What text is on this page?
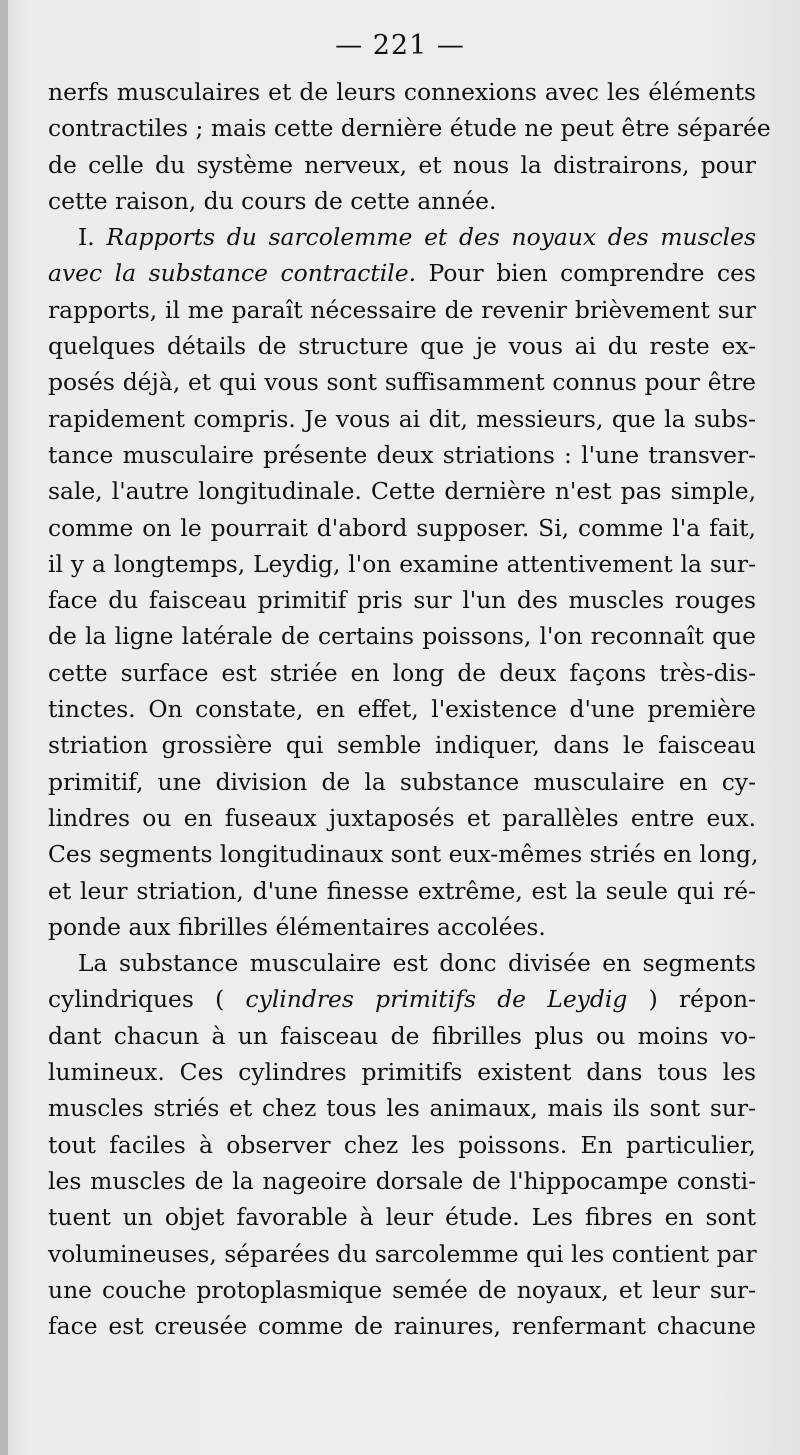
— 221 —
nerfs musculaires et de leurs connexions avec les éléments
contractiles ; mais cette dernière étude ne peut être séparée
de celle du système nerveux, et nous la distrairons, pour
cette raison, du cours de cette année.
I. Rapports du sarcolemme et des noyaux des muscles
avec la substance contractile. Pour bien comprendre ces
rapports, il me paraît nécessaire de revenir brièvement sur
quelques détails de structure que je vous ai du reste ex-
posés déjà, et qui vous sont suffisamment connus pour être
rapidement compris. Je vous ai dit, messieurs, que la subs-
tance musculaire présente deux striations : l'une transver-
sale, l'autre longitudinale. Cette dernière n'est pas simple,
comme on le pourrait d'abord supposer. Si, comme l'a fait,
il y a longtemps, Leydig, l'on examine attentivement la sur-
face du faisceau primitif pris sur l'un des muscles rouges
de la ligne latérale de certains poissons, l'on reconnaît que
cette surface est striée en long de deux façons très-dis-
tinctes. On constate, en effet, l'existence d'une première
striation grossière qui semble indiquer, dans le faisceau
primitif, une division de la substance musculaire en cy-
lindres ou en fuseaux juxtaposés et parallèles entre eux.
Ces segments longitudinaux sont eux-mêmes striés en long,
et leur striation, d'une finesse extrême, est la seule qui ré-
ponde aux fibrilles élémentaires accolées.
La substance musculaire est donc divisée en segments
cylindriques ( cylindres primitifs de Leydig ) répon-
dant chacun à un faisceau de fibrilles plus ou moins vo-
lumineux. Ces cylindres primitifs existent dans tous les
muscles striés et chez tous les animaux, mais ils sont sur-
tout faciles à observer chez les poissons. En particulier,
les muscles de la nageoire dorsale de l'hippocampe consti-
tuent un objet favorable à leur étude. Les fibres en sont
volumineuses, séparées du sarcolemme qui les contient par
une couche protoplasmique semée de noyaux, et leur sur-
face est creusée comme de rainures, renfermant chacune
